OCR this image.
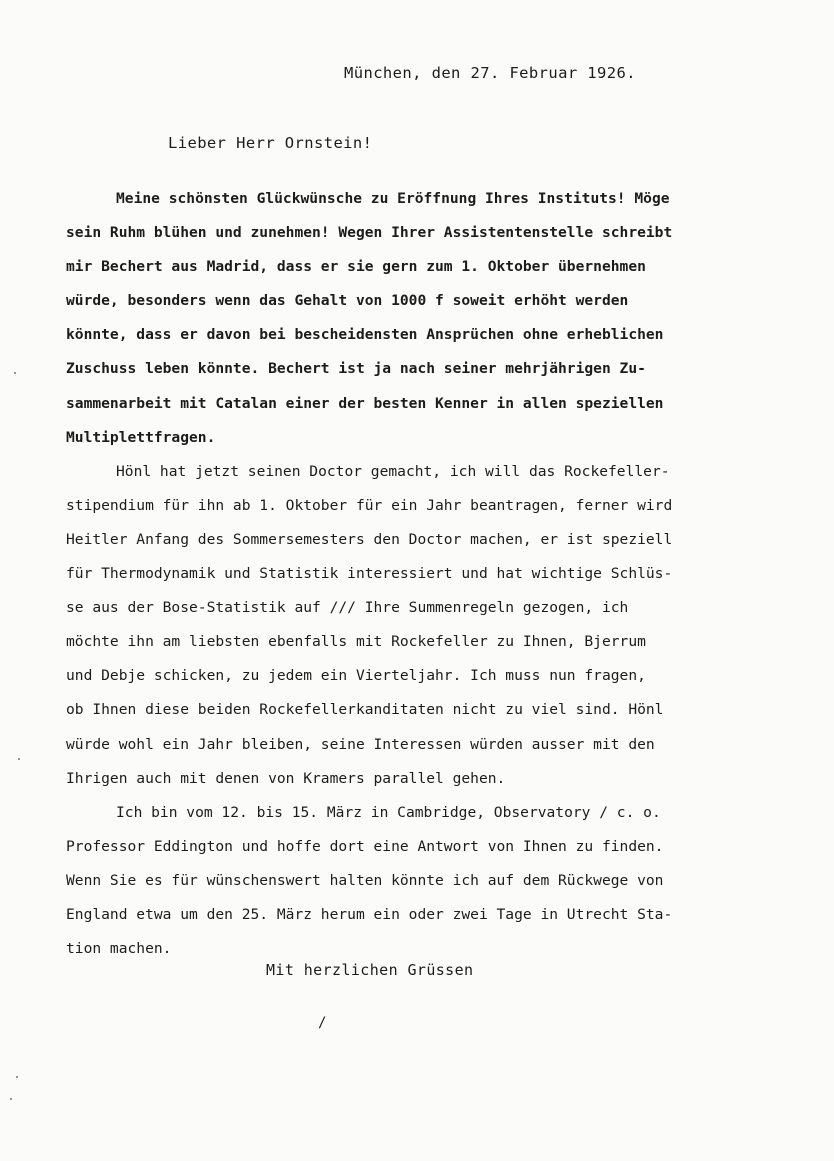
München, den 27. Februar 1926.
Lieber Herr Ornstein!
Meine schönsten Glückwünsche zu Eröffnung Ihres Instituts! Möge
sein Ruhm blühen und zunehmen! Wegen Ihrer Assistentenstelle schreibt
mir Bechert aus Madrid, dass er sie gern zum 1. Oktober übernehmen
würde, besonders wenn das Gehalt von 1000 f soweit erhöht werden
könnte, dass er davon bei bescheidensten Ansprüchen ohne erheblichen
Zuschuss leben könnte. Bechert ist ja nach seiner mehrjährigen Zu-
sammenarbeit mit Catalan einer der besten Kenner in allen speziellen
Multiplettfragen.
Hönl hat jetzt seinen Doctor gemacht, ich will das Rockefeller-
stipendium für ihn ab 1. Oktober für ein Jahr beantragen, ferner wird
Heitler Anfang des Sommersemesters den Doctor machen, er ist speziell
für Thermodynamik und Statistik interessiert und hat wichtige Schlüs-
se aus der Bose-Statistik auf /// Ihre Summenregeln gezogen, ich
möchte ihn am liebsten ebenfalls mit Rockefeller zu Ihnen, Bjerrum
und Debje schicken, zu jedem ein Vierteljahr. Ich muss nun fragen,
ob Ihnen diese beiden Rockefellerkanditaten nicht zu viel sind. Hönl
würde wohl ein Jahr bleiben, seine Interessen würden ausser mit den
Ihrigen auch mit denen von Kramers parallel gehen.
Ich bin vom 12. bis 15. März in Cambridge, Observatory / c. o.
Professor Eddington und hoffe dort eine Antwort von Ihnen zu finden.
Wenn Sie es für wünschenswert halten könnte ich auf dem Rückwege von
England etwa um den 25. März herum ein oder zwei Tage in Utrecht Sta-
tion machen.
Mit herzlichen Grüssen
/
